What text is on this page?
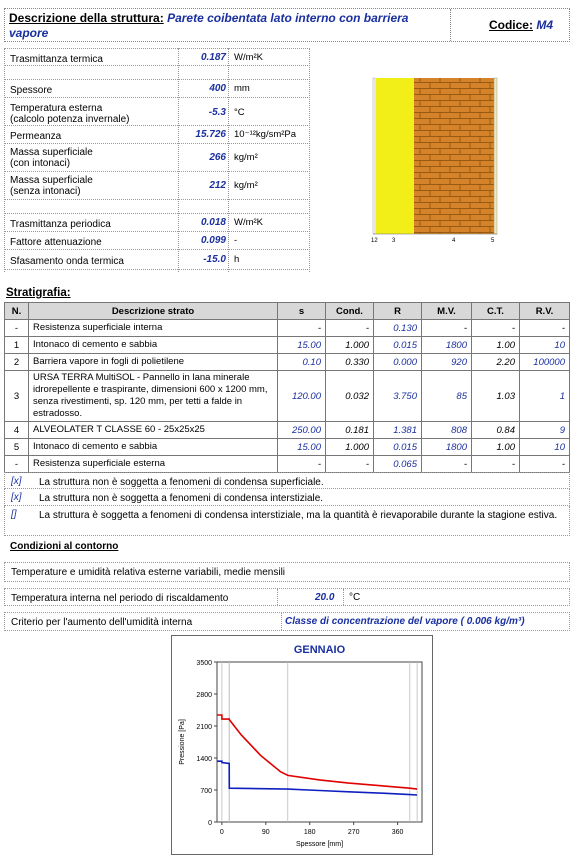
Descrizione della struttura: Parete coibentata lato interno con barriera vapore
Codice: M4
Trasmittanza termica	0.187 W/m²K
Spessore	400 mm
Temperatura esterna
(calcolo potenza invernale)
-5.3 °C
Permeanza	15.726 10⁻¹²kg/sm²Pa
Massa superficiale
(con intonaci)
266 kg/m²
Massa superficiale
(senza intonaci)
212 kg/m²
Trasmittanza periodica	0.018 W/m²K
Fattore attenuazione	0.099 -
Sfasamento onda termica	-15.0 h
12 3	4	5
Stratigrafia:
N.	Descrizione strato	s	Cond.	R	M.V.	C.T.	R.V.
-	Resistenza superficiale interna	-	-	0.130	-	-	-
1	Intonaco di cemento e sabbia	15.00	1.000	0.015	1800	1.00	10
2	Barriera vapore in fogli di polietilene	0.10	0.330	0.000	920	2.20	100000
3	URSA TERRA MultiSOL - Pannello in lana minerale idrorepellente e traspirante, dimensioni 600 x 1200 mm, senza rivestimenti, sp. 120 mm, per tetti a falde in estradosso.	120.00	0.032	3.750	85	1.03	1
4	ALVEOLATER T CLASSE 60 - 25x25x25	250.00	0.181	1.381	808	0.84	9
5	Intonaco di cemento e sabbia	15.00	1.000	0.015	1800	1.00	10
-	Resistenza superficiale esterna	-	-	0.065	-	-	-
[x] La struttura non è soggetta a fenomeni di condensa superficiale.
[x] La struttura non è soggetta a fenomeni di condensa interstiziale.
[] La struttura è soggetta a fenomeni di condensa interstiziale, ma la quantità è rievaporabile durante la stagione estiva.
Condizioni al contorno
Temperature e umidità relativa esterne variabili, medie mensili
Temperatura interna nel periodo di riscaldamento	20.0 °C
Criterio per l'aumento dell'umidità interna	Classe di concentrazione del vapore ( 0.006 kg/m³)
GENNAIO
0
700
1400
2100
2800
3500
0	90	180	270	360
Spessore [mm]
Pressione [Pa]
